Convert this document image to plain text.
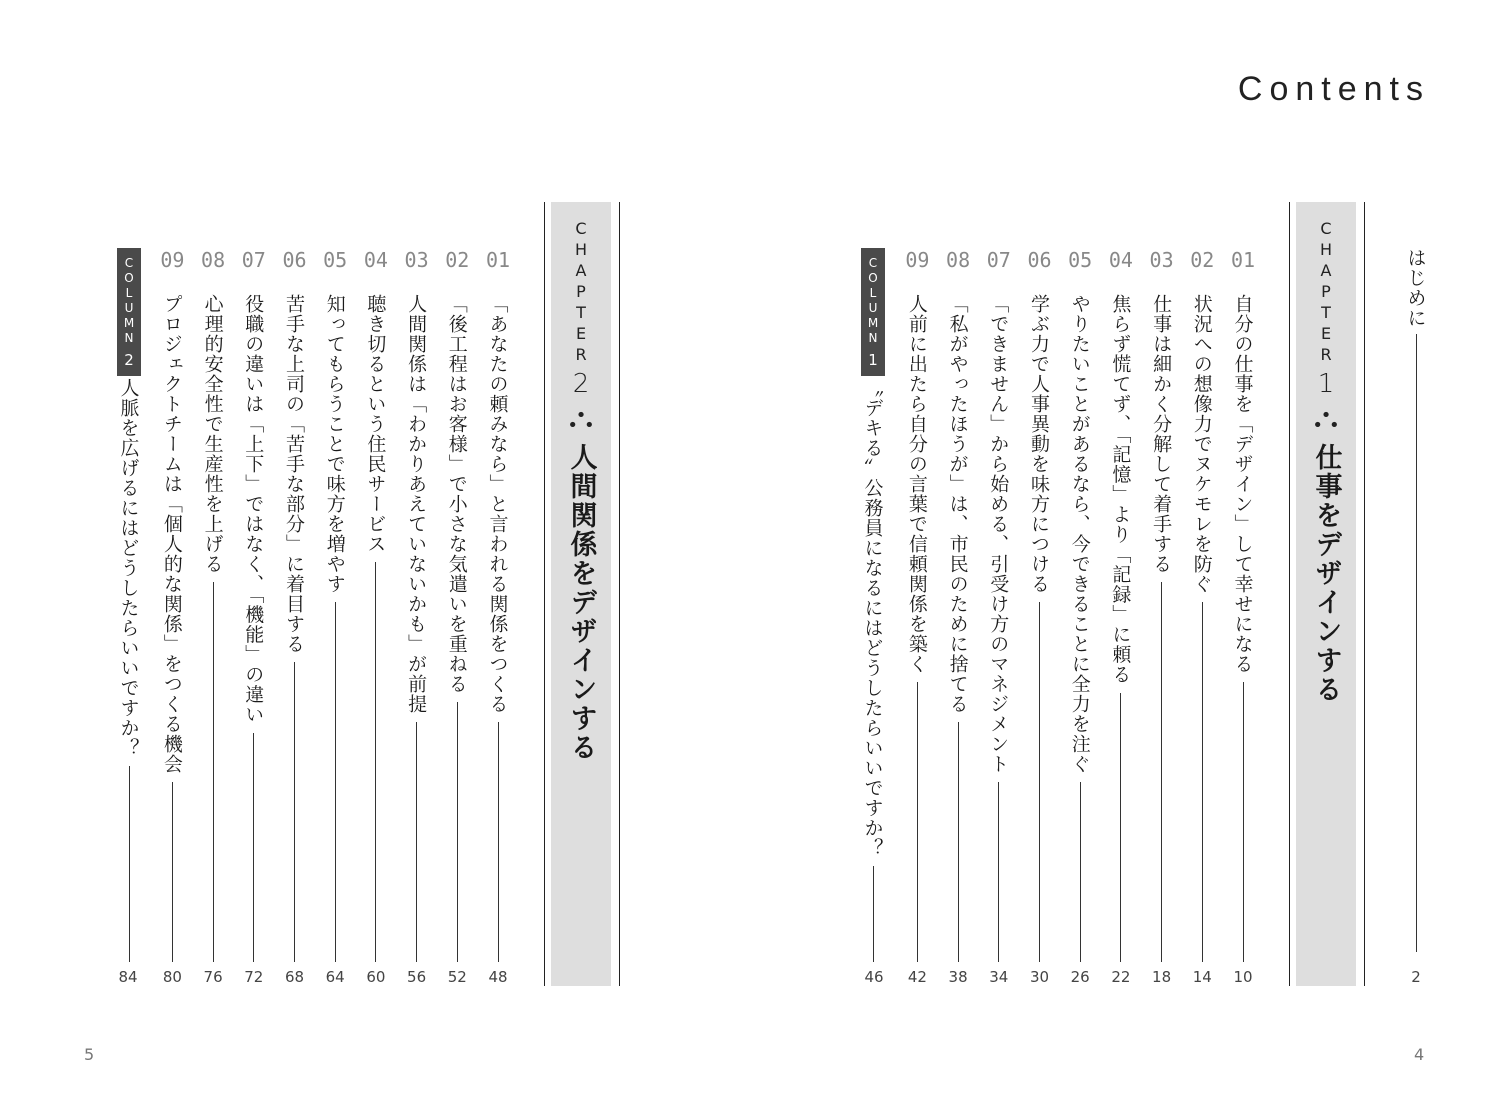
Contents
5	4
はじめに
2
C
H
A
P
T
E
R
1
•
• •
仕事をデザインする
01
自分の仕事を「デザイン」して幸せになる
10
02
状況への想像力でヌケモレを防ぐ
14
03
仕事は細かく分解して着手する
18
04
焦らず慌てず、「記憶」より「記録」に頼る
22
05
やりたいことがあるなら、今できることに全力を注ぐ
26
06
学ぶ力で人事異動を味方につける
30
07
「できません」から始める、引受け方のマネジメント
34
08
「私がやったほうが」は、市民のために捨てる
38
09
人前に出たら自分の言葉で信頼関係を築く
42
C
O
L
U
M
N
1
〝デキる〟公務員になるにはどうしたらいいですか？
46
C
H
A
P
T
E
R
2
•
• •
人間関係をデザインする
01
「あなたの頼みなら」と言われる関係をつくる
48
02
「後工程はお客様」で小さな気遣いを重ねる
52
03
人間関係は「わかりあえていないかも」が前提
56
04
聴き切るという住民サービス
60
05
知ってもらうことで味方を増やす
64
06
苦手な上司の「苦手な部分」に着目する
68
07
役職の違いは「上下」ではなく、「機能」の違い
72
08
心理的安全性で生産性を上げる
76
09
プロジェクトチームは「個人的な関係」をつくる機会
80
C
O
L
U
M
N
2
人脈を広げるにはどうしたらいいですか？
84
